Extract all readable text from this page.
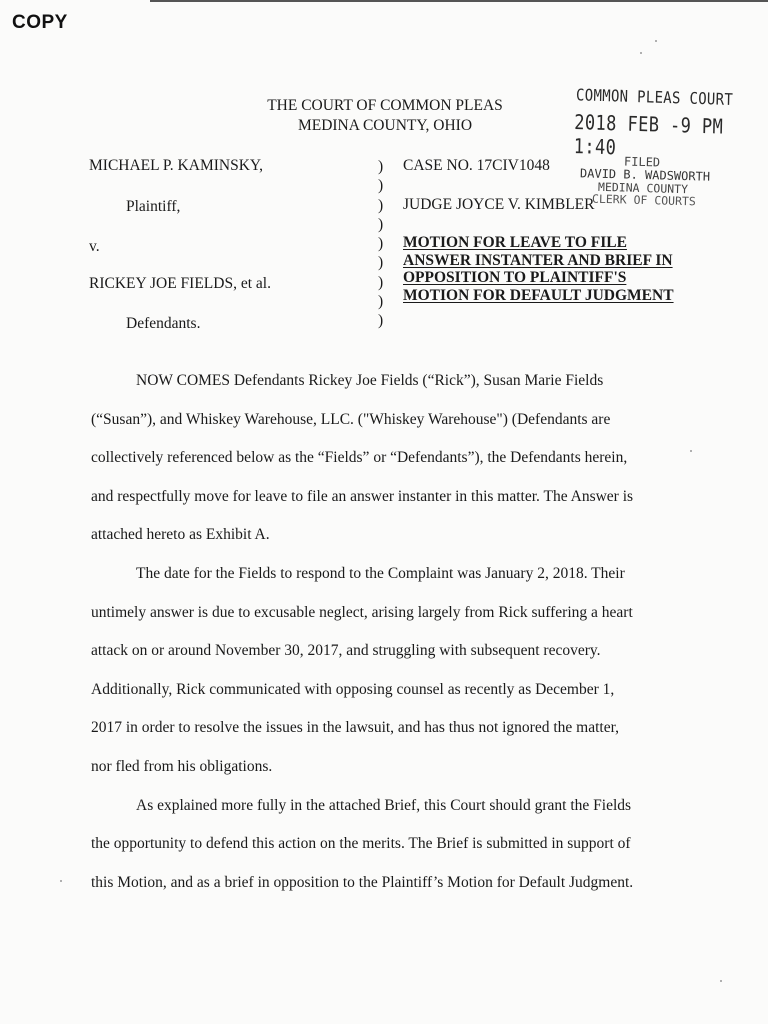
COPY
THE COURT OF COMMON PLEAS
MEDINA COUNTY, OHIO
COMMON PLEAS COURT
2018 FEB -9 PM 1:40
FILED
DAVID B. WADSWORTH
MEDINA COUNTY
CLERK OF COURTS
MICHAEL P. KAMINSKY,
Plaintiff,
v.
RICKEY JOE FIELDS, et al.
Defendants.
)
)
)
)
)
)
)
)
)
CASE NO. 17CIV1048
JUDGE JOYCE V. KIMBLER
MOTION FOR LEAVE TO FILE
ANSWER INSTANTER AND BRIEF IN
OPPOSITION TO PLAINTIFF'S
MOTION FOR DEFAULT JUDGMENT

NOW COMES Defendants Rickey Joe Fields (“Rick”), Susan Marie Fields

(“Susan”), and Whiskey Warehouse, LLC. ("Whiskey Warehouse") (Defendants are

collectively referenced below as the “Fields” or “Defendants”), the Defendants herein,

and respectfully move for leave to file an answer instanter in this matter. The Answer is

attached hereto as Exhibit A.

The date for the Fields to respond to the Complaint was January 2, 2018. Their

untimely answer is due to excusable neglect, arising largely from Rick suffering a heart

attack on or around November 30, 2017, and struggling with subsequent recovery.

Additionally, Rick communicated with opposing counsel as recently as December 1,

2017 in order to resolve the issues in the lawsuit, and has thus not ignored the matter,

nor fled from his obligations.

As explained more fully in the attached Brief, this Court should grant the Fields

the opportunity to defend this action on the merits. The Brief is submitted in support of

this Motion, and as a brief in opposition to the Plaintiff’s Motion for Default Judgment.
